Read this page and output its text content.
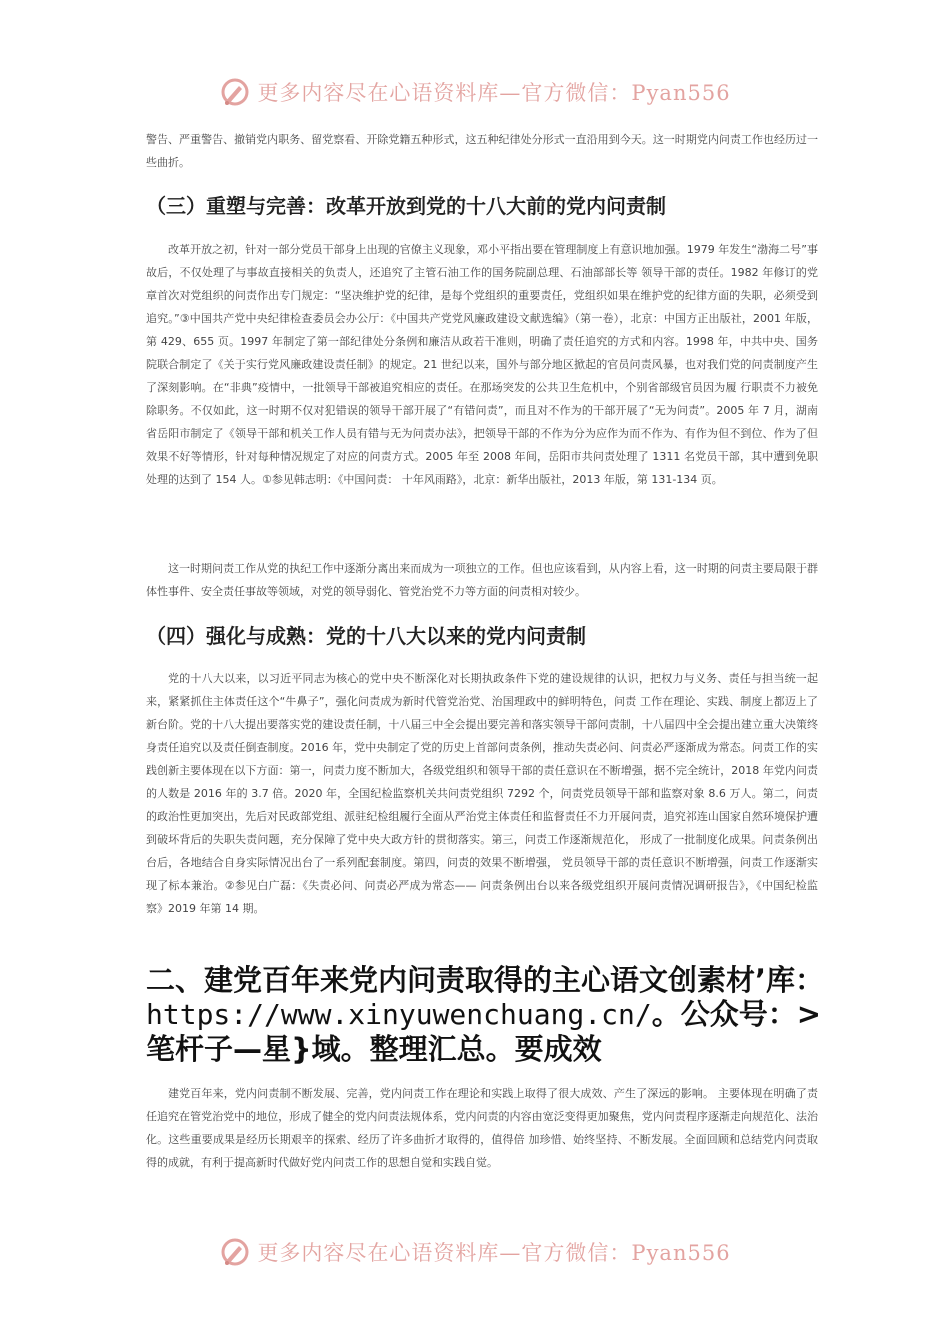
更多内容尽在心语资料库—官方微信：Pyan556

警告、严重警告、撤销党内职务、留党察看、开除党籍五种形式，这五种纪律处分形式一直沿用到今天。这一时期党内问责工作也经历过一些曲折。

（三）重塑与完善：改革开放到党的十八大前的党内问责制

改革开放之初，针对一部分党员干部身上出现的官僚主义现象，邓小平指出要在管理制度上有意识地加强。1979 年发生“渤海二号”事故后，不仅处理了与事故直接相关的负责人，还追究了主管石油工作的国务院副总理、石油部部长等 领导干部的责任。1982 年修订的党章首次对党组织的问责作出专门规定：“坚决维护党的纪律，是每个党组织的重要责任，党组织如果在维护党的纪律方面的失职，必须受到追究。”③中国共产党中央纪律检查委员会办公厅：《中国共产党党风廉政建设文献选编》（第一卷），北京：中国方正出版社，2001 年版，第 429、655 页。1997 年制定了第一部纪律处分条例和廉洁从政若干准则，明确了责任追究的方式和内容。1998 年，中共中央、国务院联合制定了《关于实行党风廉政建设责任制》的规定。21 世纪以来，国外与部分地区掀起的官员问责风暴，也对我们党的问责制度产生了深刻影响。在“非典”疫情中，一批领导干部被追究相应的责任。在那场突发的公共卫生危机中，个别省部级官员因为履 行职责不力被免除职务。不仅如此，这一时期不仅对犯错误的领导干部开展了“有错问责”，而且对不作为的干部开展了“无为问责”。2005 年 7 月，湖南省岳阳市制定了《领导干部和机关工作人员有错与无为问责办法》，把领导干部的不作为分为应作为而不作为、有作为但不到位、作为了但效果不好等情形，针对每种情况规定了对应的问责方式。2005 年至 2008 年间，岳阳市共问责处理了 1311 名党员干部，其中遭到免职处理的达到了 154 人。①参见韩志明：《中国问责： 十年风雨路》，北京：新华出版社，2013 年版，第 131-134 页。

这一时期问责工作从党的执纪工作中逐渐分离出来而成为一项独立的工作。但也应该看到，从内容上看，这一时期的问责主要局限于群体性事件、安全责任事故等领域，对党的领导弱化、管党治党不力等方面的问责相对较少。

（四）强化与成熟：党的十八大以来的党内问责制

党的十八大以来，以习近平同志为核心的党中央不断深化对长期执政条件下党的建设规律的认识，把权力与义务、责任与担当统一起来，紧紧抓住主体责任这个“牛鼻子”，强化问责成为新时代管党治党、治国理政中的鲜明特色，问责 工作在理论、实践、制度上都迈上了新台阶。党的十八大提出要落实党的建设责任制，十八届三中全会提出要完善和落实领导干部问责制，十八届四中全会提出建立重大决策终身责任追究以及责任倒查制度。2016 年，党中央制定了党的历史上首部问责条例，推动失责必问、问责必严逐渐成为常态。问责工作的实践创新主要体现在以下方面：第一，问责力度不断加大，各级党组织和领导干部的责任意识在不断增强，据不完全统计，2018 年党内问责的人数是 2016 年的 3.7 倍。2020 年，全国纪检监察机关共问责党组织 7292 个，问责党员领导干部和监察对象 8.6 万人。第二，问责的政治性更加突出，先后对民政部党组、派驻纪检组履行全面从严治党主体责任和监督责任不力开展问责，追究祁连山国家自然环境保护遭到破坏背后的失职失责问题，充分保障了党中央大政方针的贯彻落实。第三，问责工作逐渐规范化， 形成了一批制度化成果。问责条例出台后，各地结合自身实际情况出台了一系列配套制度。第四，问责的效果不断增强， 党员领导干部的责任意识不断增强，问责工作逐渐实现了标本兼治。②参见白广磊：《失责必问、问责必严成为常态—— 问责条例出台以来各级党组织开展问责情况调研报告》，《中国纪检监察》2019 年第 14 期。

二、建党百年来党内问责取得的主心语文创素材’库：https://www.xinyuwenchuang.cn/。公众号：>笔杆子—星}域。整理汇总。要成效

建党百年来，党内问责制不断发展、完善，党内问责工作在理论和实践上取得了很大成效、产生了深远的影响。 主要体现在明确了责任追究在管党治党中的地位，形成了健全的党内问责法规体系，党内问责的内容由宽泛变得更加聚焦，党内问责程序逐渐走向规范化、法治化。这些重要成果是经历长期艰辛的探索、经历了许多曲折才取得的，值得倍 加珍惜、始终坚持、不断发展。全面回顾和总结党内问责取得的成就，有利于提高新时代做好党内问责工作的思想自觉和实践自觉。

更多内容尽在心语资料库—官方微信：Pyan556
